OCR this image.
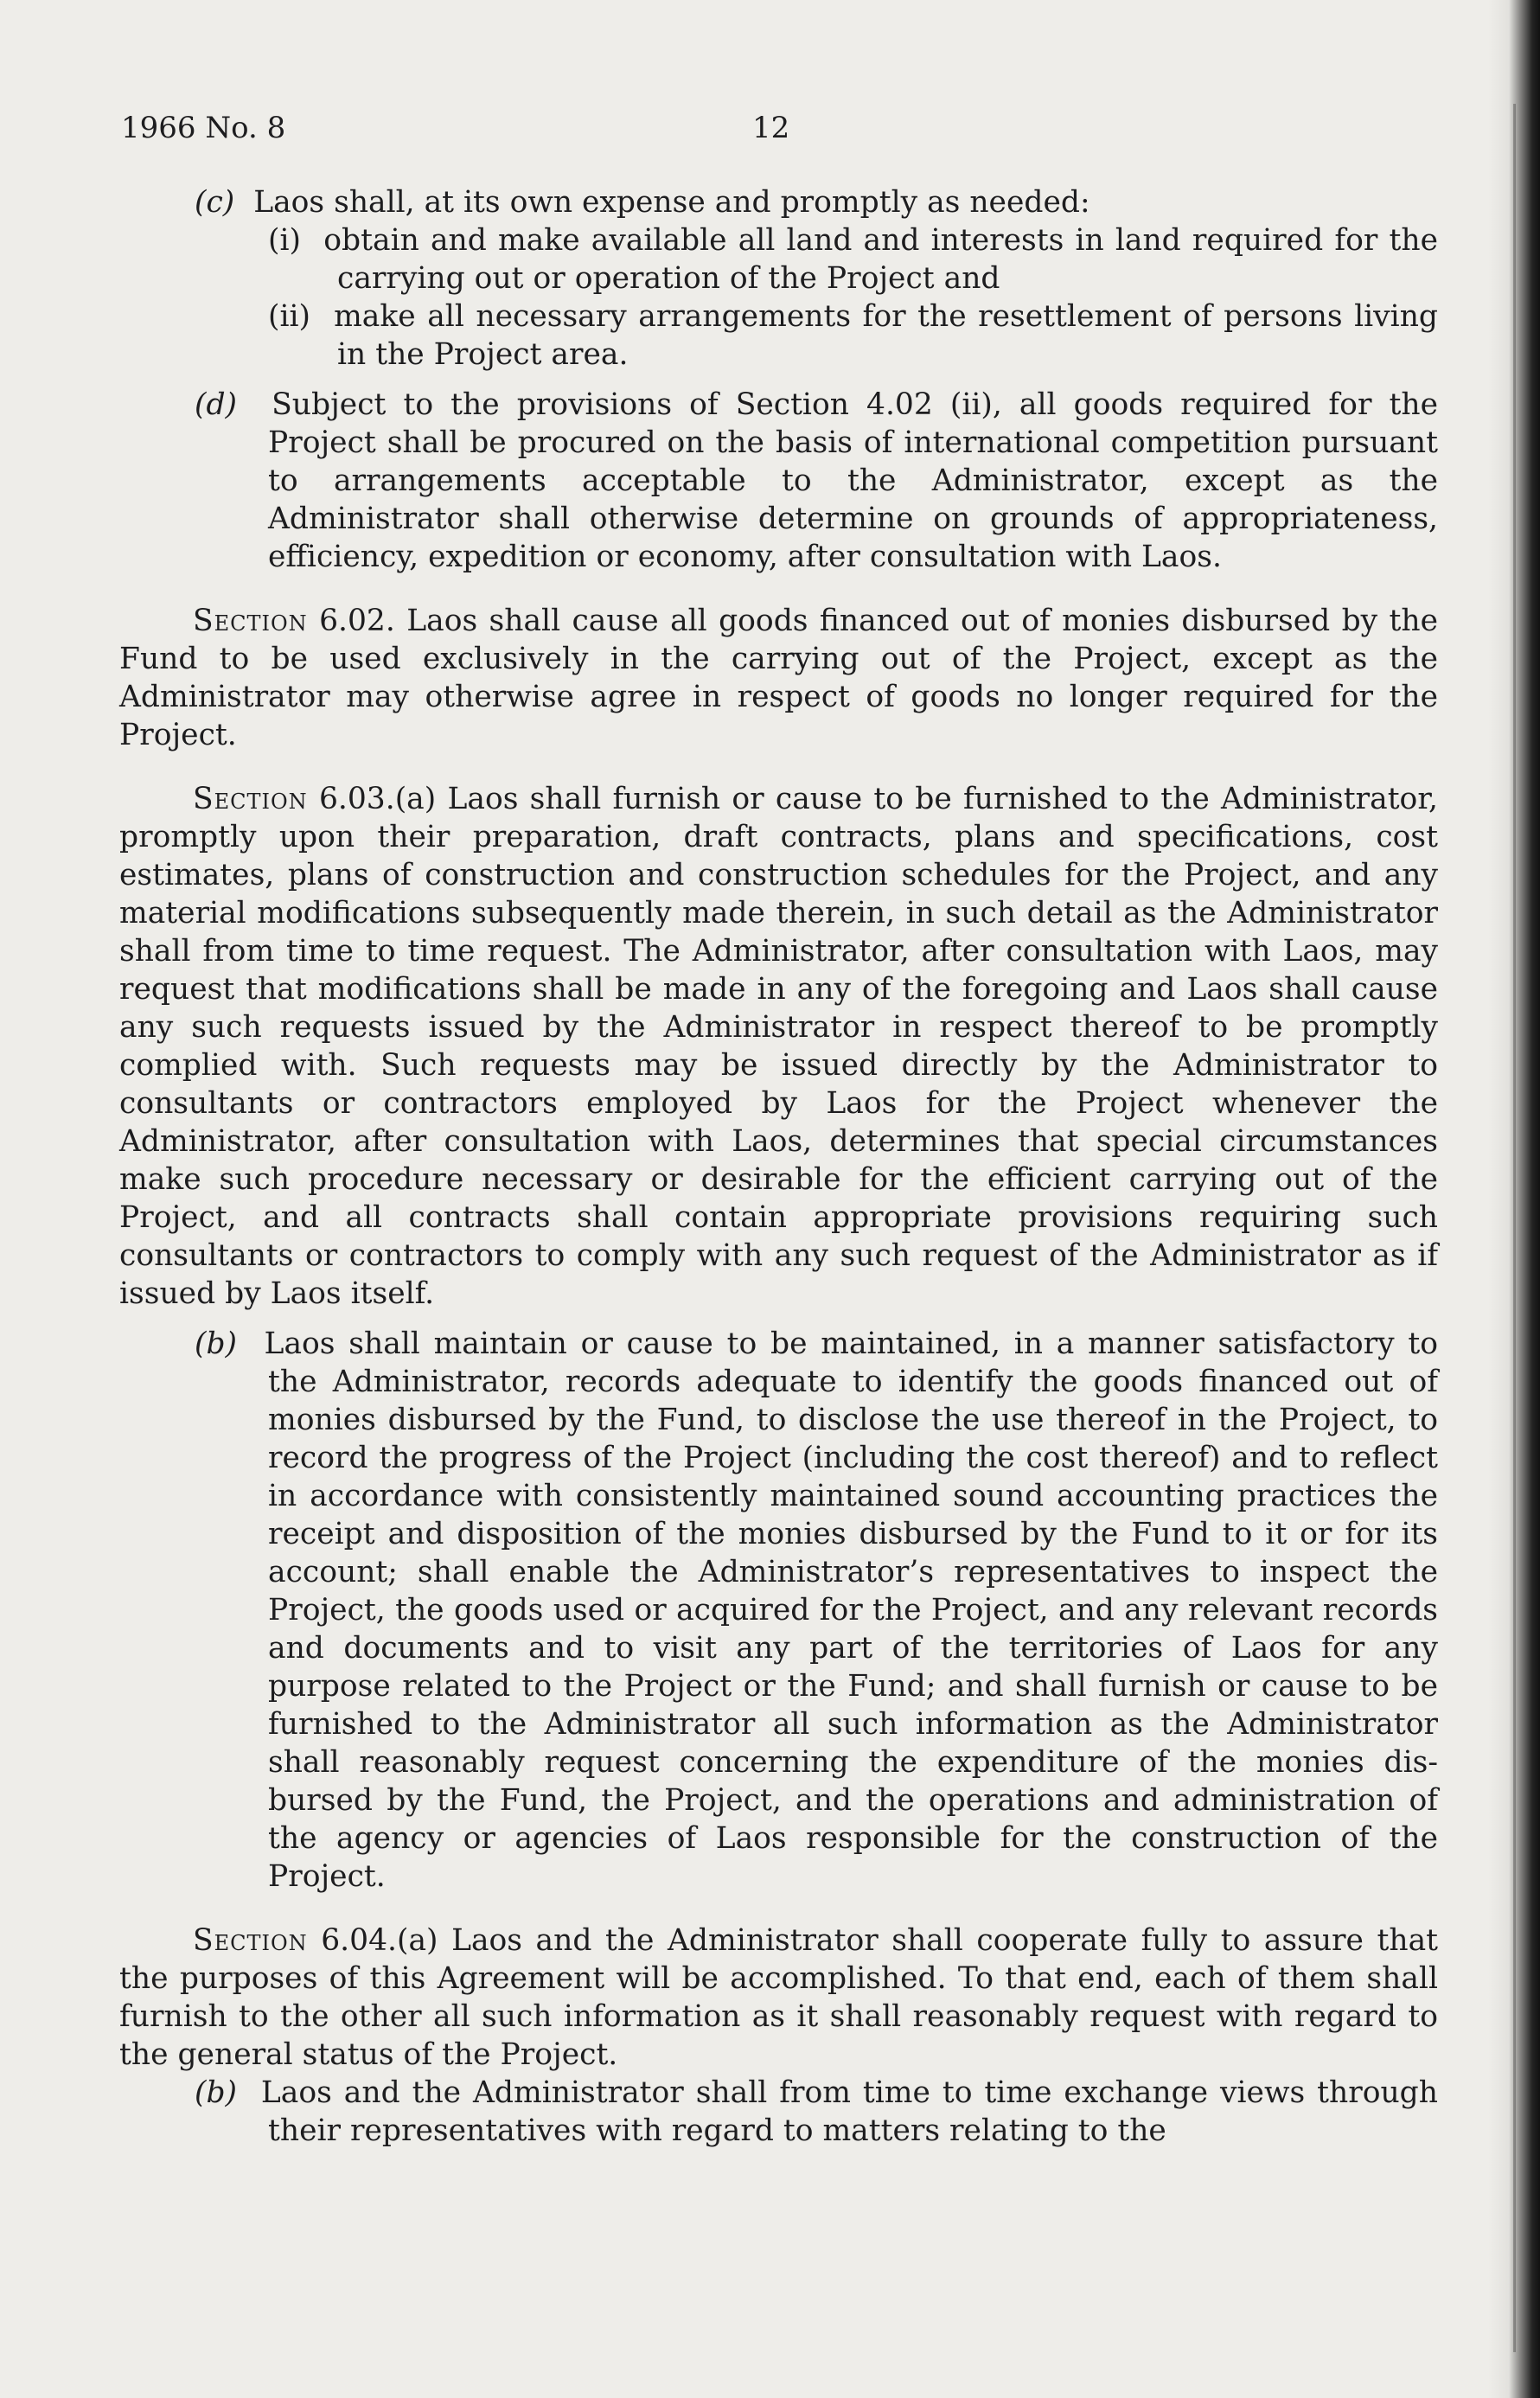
1966 No. 8	12
(c) Laos shall, at its own expense and promptly as needed:
(i) obtain and make available all land and interests in land required for the carrying out or operation of the Project and
(ii) make all necessary arrangements for the resettlement of persons living in the Project area.
(d) Subject to the provisions of Section 4.02 (ii), all goods required for the Project shall be procured on the basis of international competition pursuant to arrangements acceptable to the Administrator, except as the Administrator shall otherwise determine on grounds of appropriateness, efficiency, expedition or economy, after consultation with Laos.
Section 6.02. Laos shall cause all goods financed out of monies disbursed by the Fund to be used exclusively in the carrying out of the Project, except as the Administrator may otherwise agree in respect of goods no longer required for the Project.
Section 6.03.(a) Laos shall furnish or cause to be furnished to the Administrator, promptly upon their preparation, draft contracts, plans and specifications, cost estimates, plans of construction and construction schedules for the Project, and any material modifications subsequently made therein, in such detail as the Administrator shall from time to time request. The Administrator, after consultation with Laos, may request that modifications shall be made in any of the foregoing and Laos shall cause any such requests issued by the Administrator in respect thereof to be promptly complied with. Such requests may be issued directly by the Administrator to consultants or contractors employed by Laos for the Project whenever the Administrator, after consultation with Laos, determines that special circumstances make such procedure necessary or desirable for the efficient carrying out of the Project, and all contracts shall contain appropriate provisions requiring such consultants or contractors to comply with any such request of the Administrator as if issued by Laos itself.
(b) Laos shall maintain or cause to be maintained, in a manner satisfactory to the Administrator, records adequate to identify the goods financed out of monies disbursed by the Fund, to disclose the use thereof in the Project, to record the progress of the Project (including the cost thereof) and to reflect in accordance with consistently maintained sound accounting practices the receipt and disposition of the monies disbursed by the Fund to it or for its account; shall enable the Administrator’s representatives to inspect the Project, the goods used or acquired for the Project, and any relevant records and documents and to visit any part of the territories of Laos for any purpose related to the Project or the Fund; and shall furnish or cause to be furnished to the Administrator all such information as the Administrator shall reasonably request concerning the expenditure of the monies disbursed by the Fund, the Project, and the operations and administration of the agency or agencies of Laos responsible for the construction of the Project.
Section 6.04.(a) Laos and the Administrator shall cooperate fully to assure that the purposes of this Agreement will be accomplished. To that end, each of them shall furnish to the other all such information as it shall reasonably request with regard to the general status of the Project.
(b) Laos and the Administrator shall from time to time exchange views through their representatives with regard to matters relating to the
